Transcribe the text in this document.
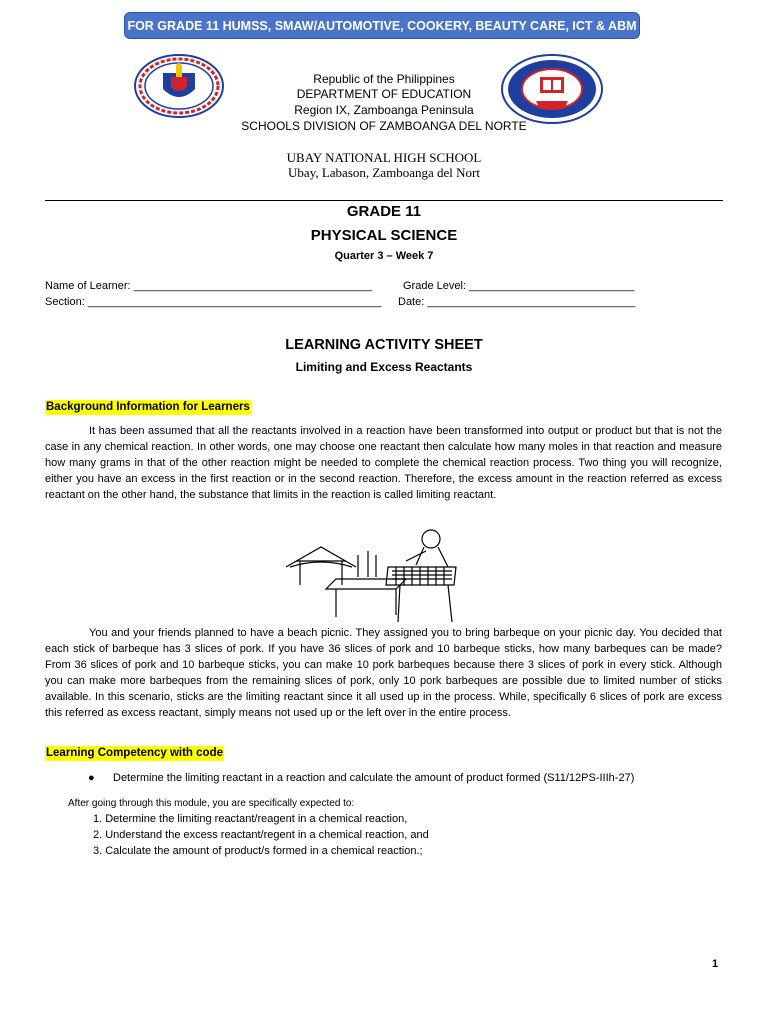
FOR GRADE 11 HUMSS, SMAW/AUTOMOTIVE, COOKERY, BEAUTY CARE, ICT & ABM
Republic of the Philippines
DEPARTMENT OF EDUCATION
Region IX, Zamboanga Peninsula
SCHOOLS DIVISION OF ZAMBOANGA DEL NORTE
UBAY NATIONAL HIGH SCHOOL
Ubay, Labason, Zamboanga del Nort
GRADE 11
PHYSICAL SCIENCE
Quarter 3 – Week 7
Name of Learner: _______________________________________	Grade Level: ___________________________
Section: ________________________________________________ Date: __________________________________
LEARNING ACTIVITY SHEET
Limiting and Excess Reactants
Background Information for Learners

It has been assumed that all the reactants involved in a reaction have been transformed into output or product but that is not the case in any chemical reaction. In other words, one may choose one reactant then calculate how many moles in that reaction and measure how many grams in that of the other reaction might be needed to complete the chemical reaction process. Two thing you will recognize, either you have an excess in the first reaction or in the second reaction. Therefore, the excess amount in the reaction referred as excess reactant on the other hand, the substance that limits in the reaction is called limiting reactant.

You and your friends planned to have a beach picnic. They assigned you to bring barbeque on your picnic day. You decided that each stick of barbeque has 3 slices of pork. If you have 36 slices of pork and 10 barbeque sticks, how many barbeques can be made? From 36 slices of pork and 10 barbeque sticks, you can make 10 pork barbeques because there 3 slices of pork in every stick. Although you can make more barbeques from the remaining slices of pork, only 10 pork barbeques are possible due to limited number of sticks available. In this scenario, sticks are the limiting reactant since it all used up in the process. While, specifically 6 slices of pork are excess this referred as excess reactant, simply means not used up or the left over in the entire process.

Learning Competency with code
● Determine the limiting reactant in a reaction and calculate the amount of product formed (S11/12PS-IIIh-27)
After going through this module, you are specifically expected to:
1. Determine the limiting reactant/reagent in a chemical reaction,
2. Understand the excess reactant/regent in a chemical reaction, and
3. Calculate the amount of product/s formed in a chemical reaction.;
1
